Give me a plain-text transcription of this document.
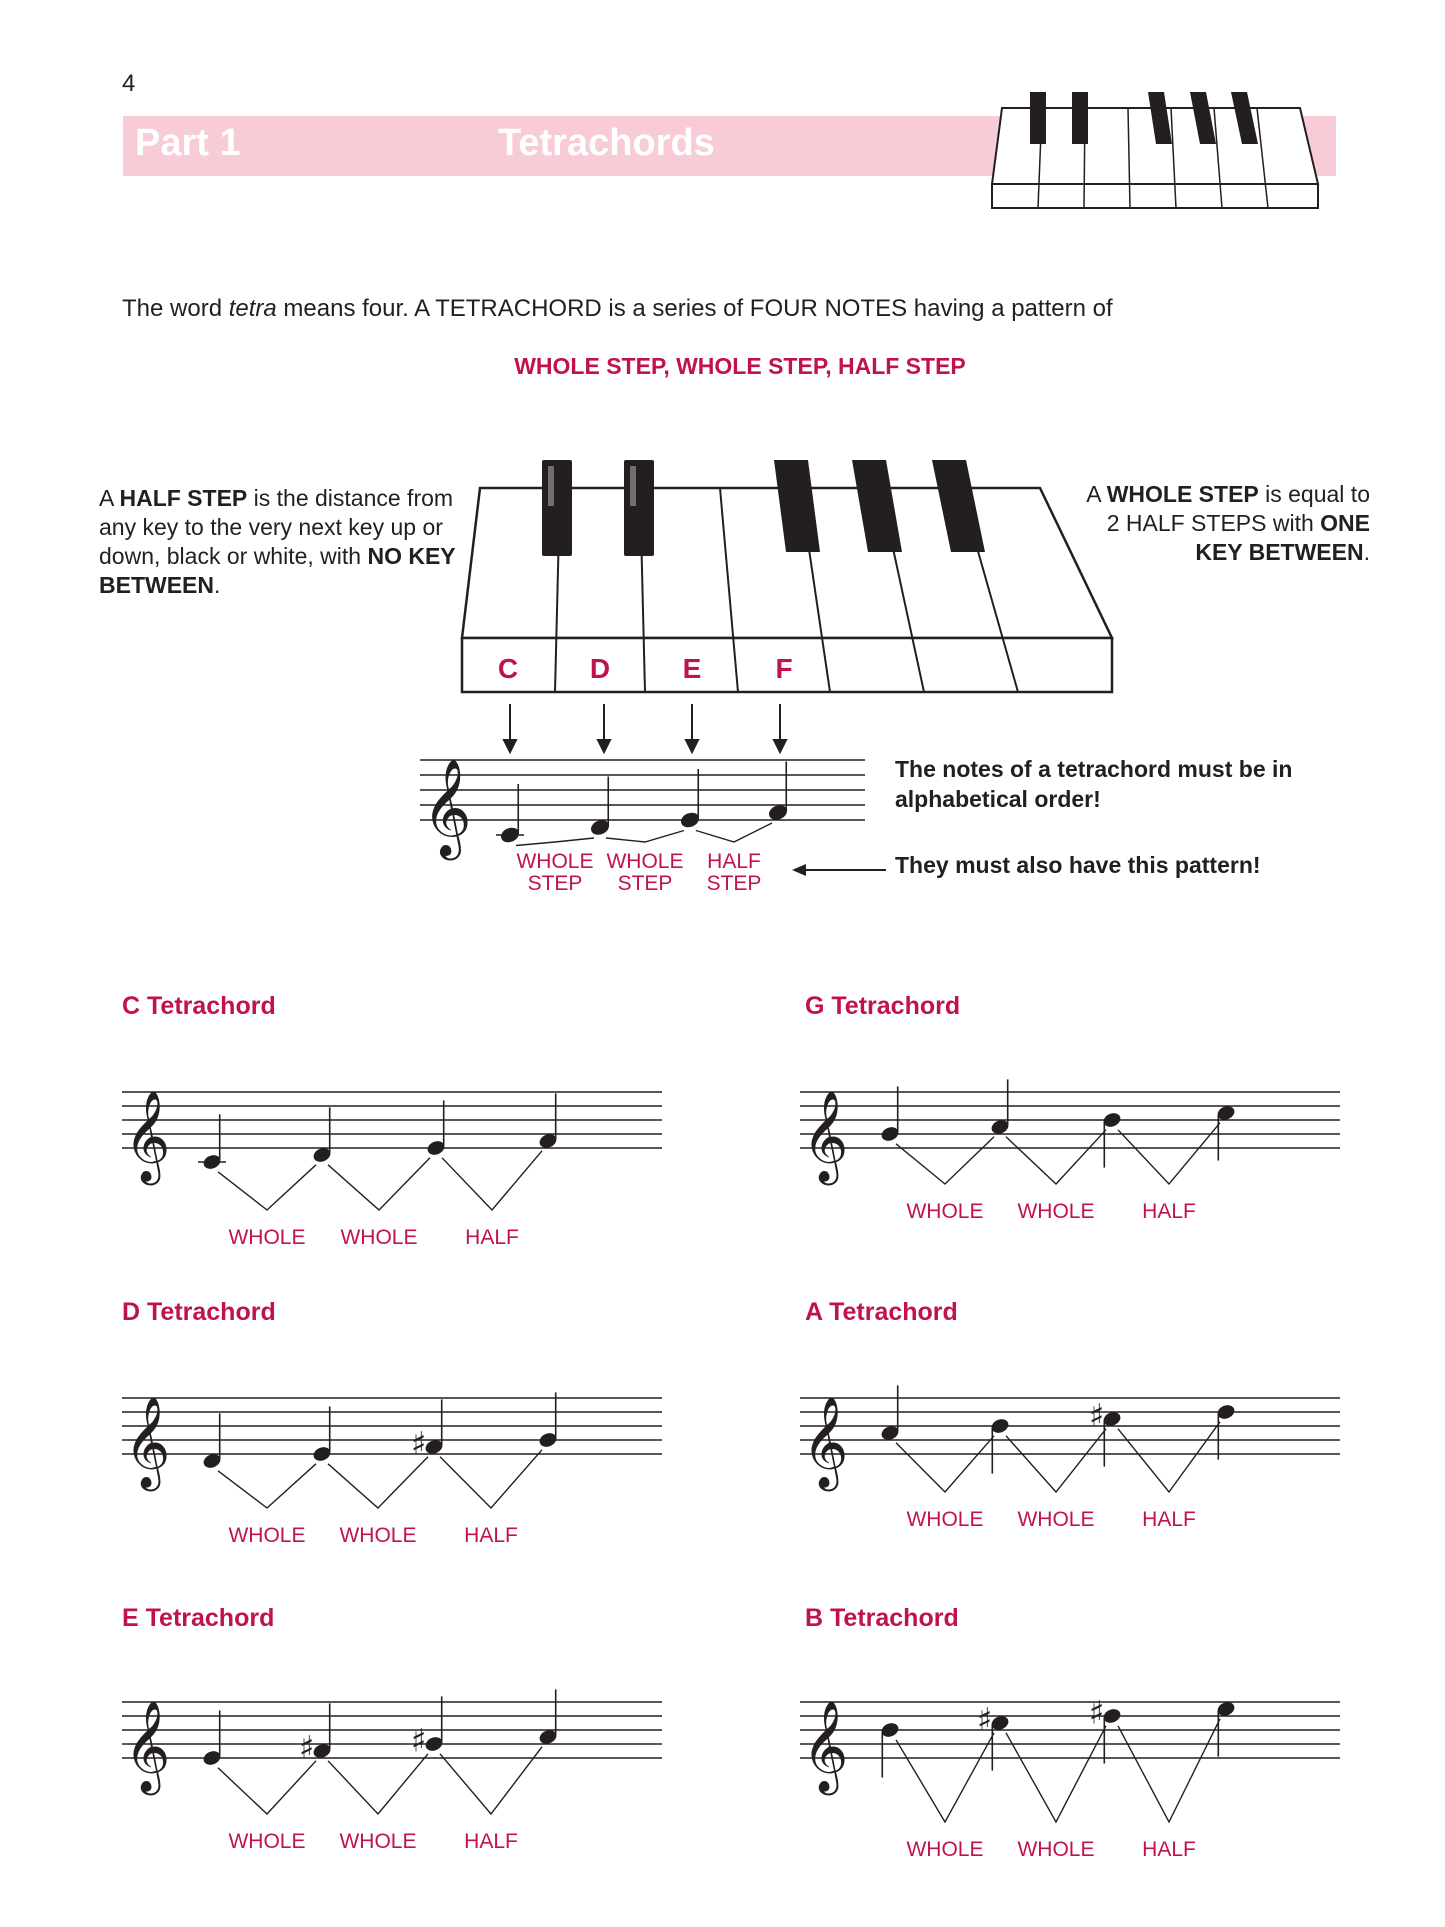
4
Part 1	Tetrachords
The word tetra means four. A TETRACHORD is a series of FOUR NOTES having a pattern of
WHOLE STEP, WHOLE STEP, HALF STEP
A HALF STEP is the distance from any key to the very next key up or down, black or white, with NO KEY BETWEEN.
A WHOLE STEP is equal to 2 HALF STEPS with ONE KEY BETWEEN.
The notes of a tetrachord must be in alphabetical order!
They must also have this pattern!
C Tetrachord	G Tetrachord
D Tetrachord	A Tetrachord
E Tetrachord	B Tetrachord
C	D	E	F
𝄞
WHOLE
STEP
WHOLE
STEP
HALF
STEP
𝄞
WHOLE WHOLE HALF
𝄞
WHOLE WHOLE HALF
𝄞	♯
WHOLE WHOLE HALF
𝄞	♯
WHOLE WHOLE HALF
𝄞	♯	♯
WHOLE WHOLE HALF
𝄞	♯	♯
WHOLE WHOLE HALF
